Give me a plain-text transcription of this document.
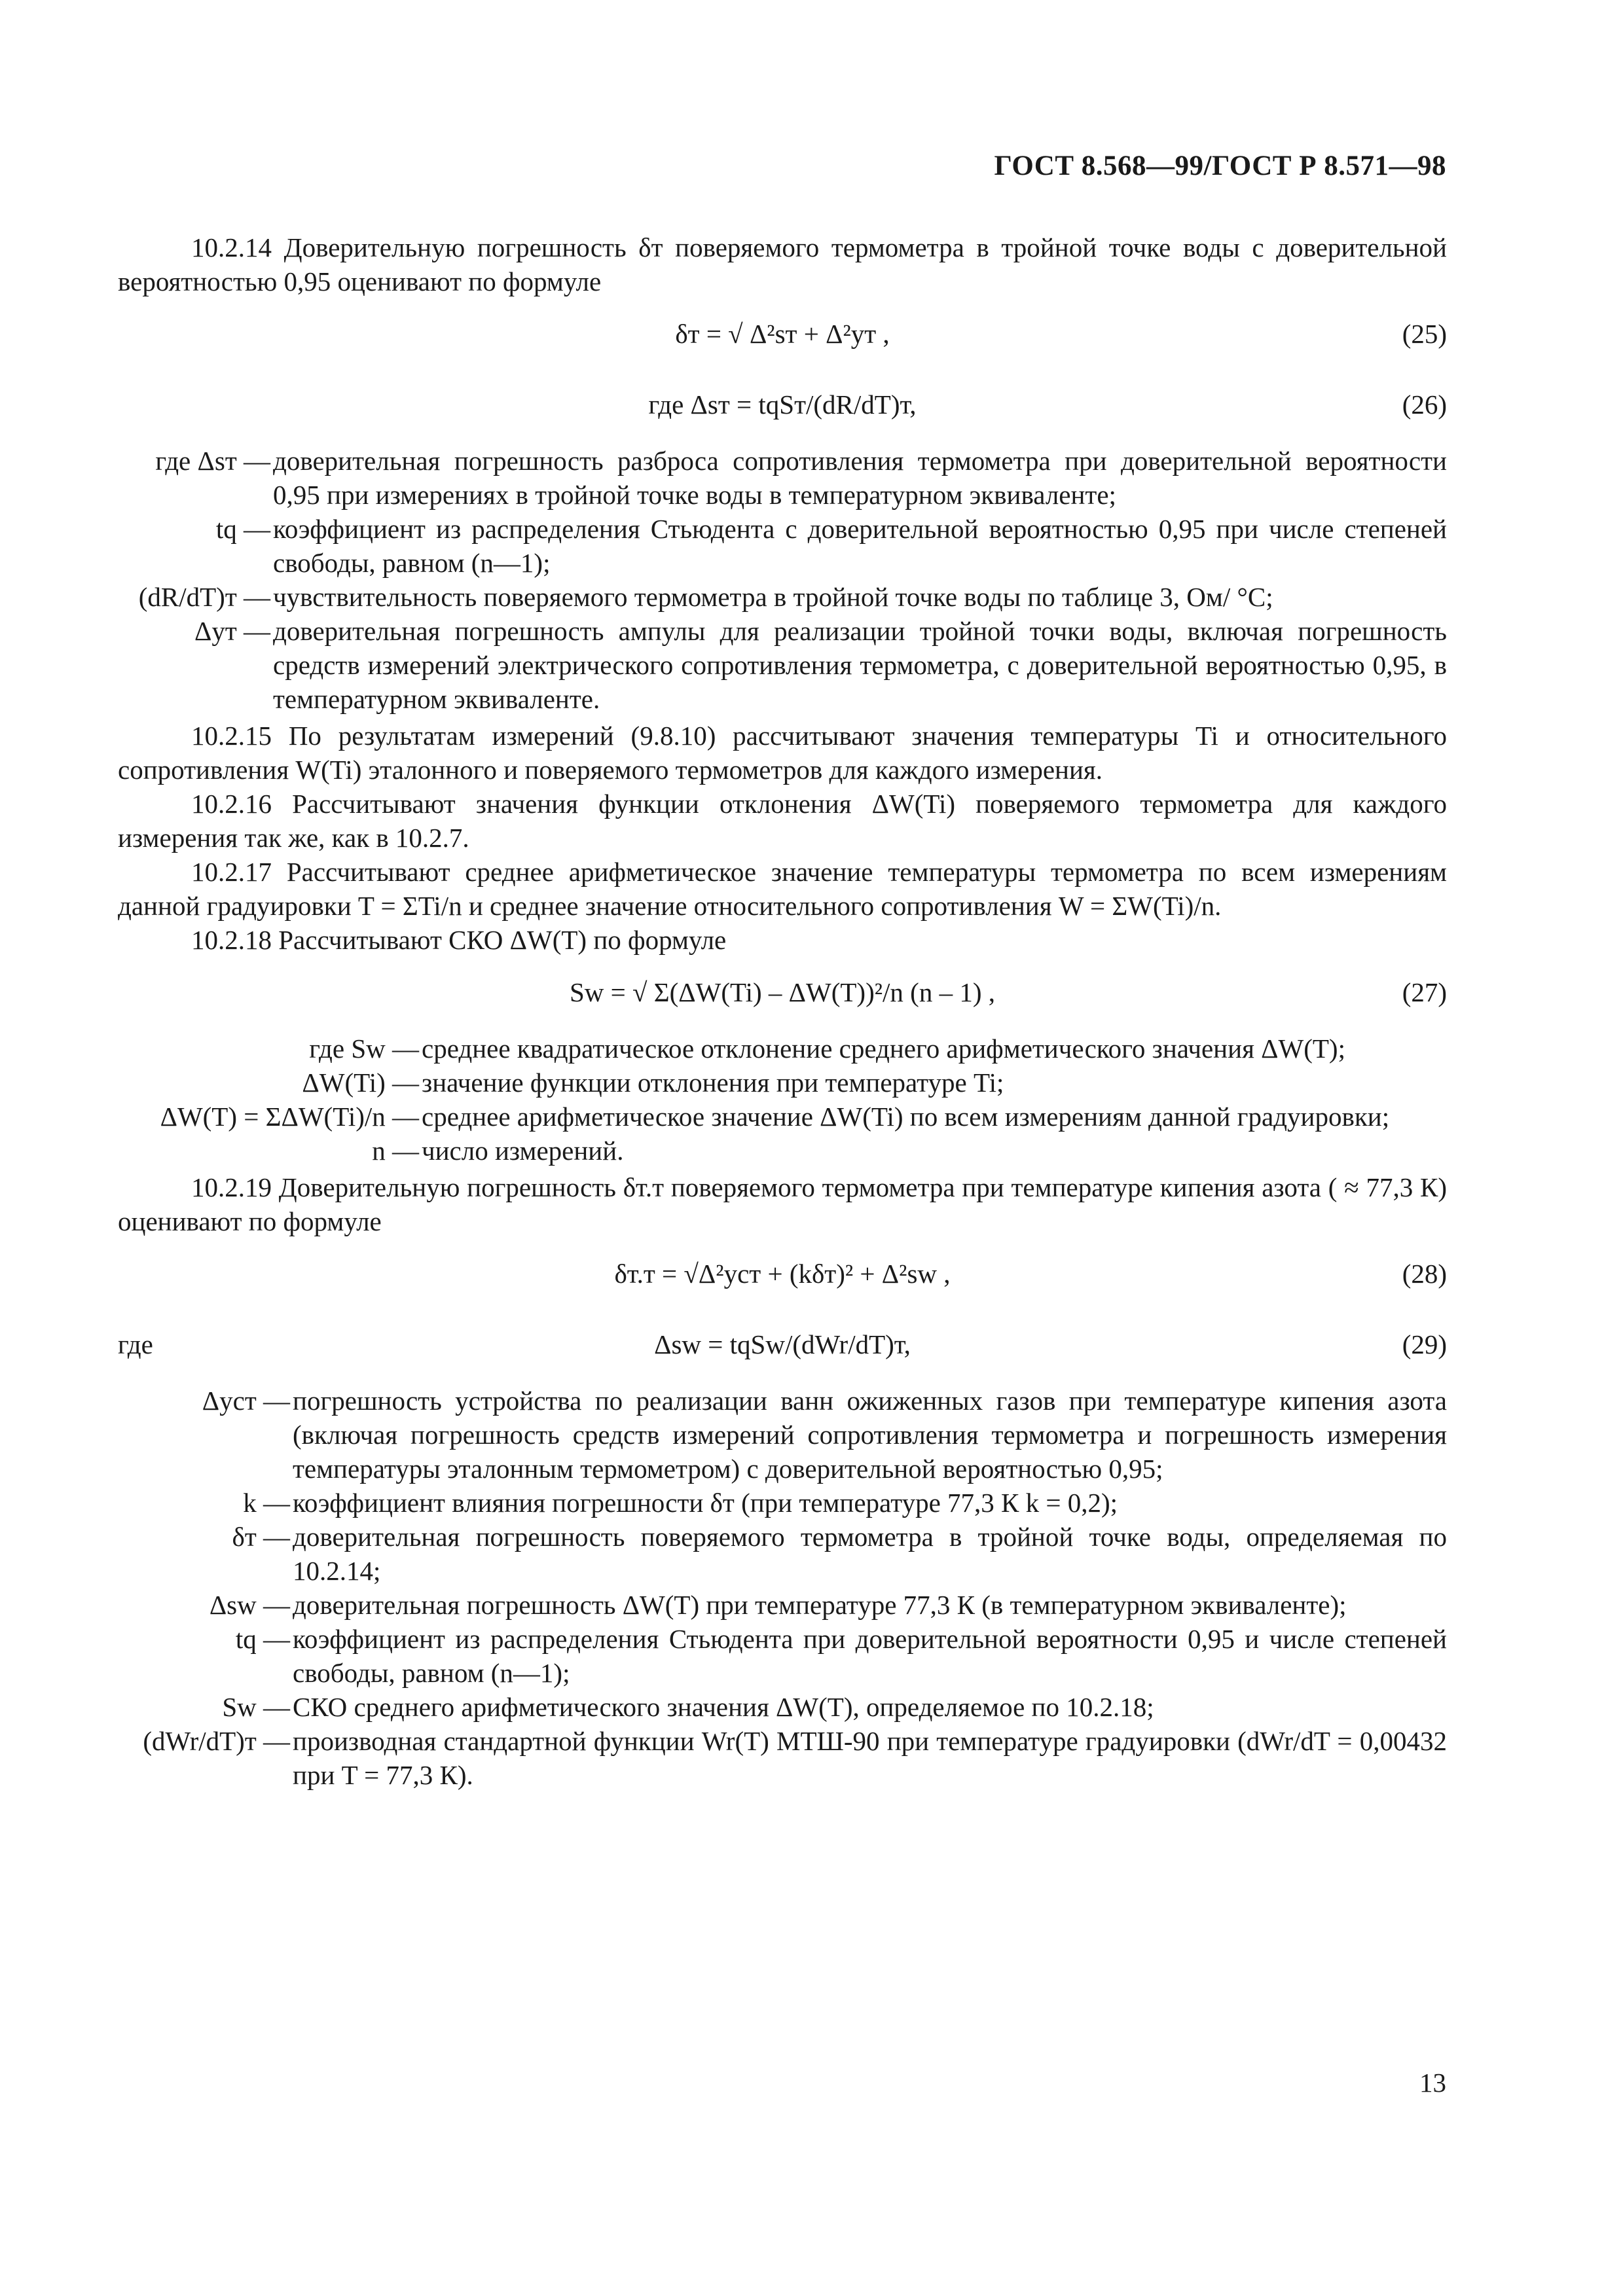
ГОСТ 8.568—99/ГОСТ Р 8.571—98

10.2.14 Доверительную погрешность δт поверяемого термометра в тройной точке воды с доверительной вероятностью 0,95 оценивают по формуле

δт = √ Δ²sт + Δ²ут ,	(25)
где Δsт = tqSт/(dR/dT)т,	(26)
где Δsт —	доверительная погрешность разброса сопротивления термометра при доверительной вероятности 0,95 при измерениях в тройной точке воды в температурном эквиваленте;
tq —	коэффициент из распределения Стьюдента с доверительной вероятностью 0,95 при числе степеней свободы, равном (n—1);
(dR/dT)т —	чувствительность поверяемого термометра в тройной точке воды по таблице 3, Ом/ °С;
Δут —	доверительная погрешность ампулы для реализации тройной точки воды, включая погрешность средств измерений электрического сопротивления термометра, с доверительной вероятностью 0,95, в температурном эквиваленте.

10.2.15 По результатам измерений (9.8.10) рассчитывают значения температуры Ti и относительного сопротивления W(Ti) эталонного и поверяемого термометров для каждого измерения.

10.2.16 Рассчитывают значения функции отклонения ΔW(Ti) поверяемого термометра для каждого измерения так же, как в 10.2.7.

10.2.17 Рассчитывают среднее арифметическое значение температуры термометра по всем измерениям данной градуировки T = ΣTi/n и среднее значение относительного сопротивления W = ΣW(Ti)/n.

10.2.18 Рассчитывают СКО ΔW(T) по формуле

Sw = √ Σ(ΔW(Ti) – ΔW(T))²/n (n – 1) ,	(27)
где Sw —	среднее квадратическое отклонение среднего арифметического значения ΔW(T);
ΔW(Ti) —	значение функции отклонения при температуре Ti;
ΔW(T) = ΣΔW(Ti)/n —	среднее арифметическое значение ΔW(Ti) по всем измерениям данной градуировки;
n —	число измерений.

10.2.19 Доверительную погрешность δт.т поверяемого термометра при температуре кипения азота ( ≈ 77,3 К) оценивают по формуле

δт.т = √Δ²уст + (kδт)² + Δ²sw ,	(28)
где	Δsw = tqSw/(dWr/dT)т,	(29)
Δуст —	погрешность устройства по реализации ванн ожиженных газов при температуре кипения азота (включая погрешность средств измерений сопротивления термометра и погрешность измерения температуры эталонным термометром) с доверительной вероятностью 0,95;
k —	коэффициент влияния погрешности δт (при температуре 77,3 К k = 0,2);
δт —	доверительная погрешность поверяемого термометра в тройной точке воды, определяемая по 10.2.14;
Δsw —	доверительная погрешность ΔW(T) при температуре 77,3 К (в температурном эквиваленте);
tq —	коэффициент из распределения Стьюдента при доверительной вероятности 0,95 и числе степеней свободы, равном (n—1);
Sw —	СКО среднего арифметического значения ΔW(T), определяемое по 10.2.18;
(dWr/dT)т —	производная стандартной функции Wr(T) МТШ-90 при температуре градуировки (dWr/dT = 0,00432 при T = 77,3 К).
13
